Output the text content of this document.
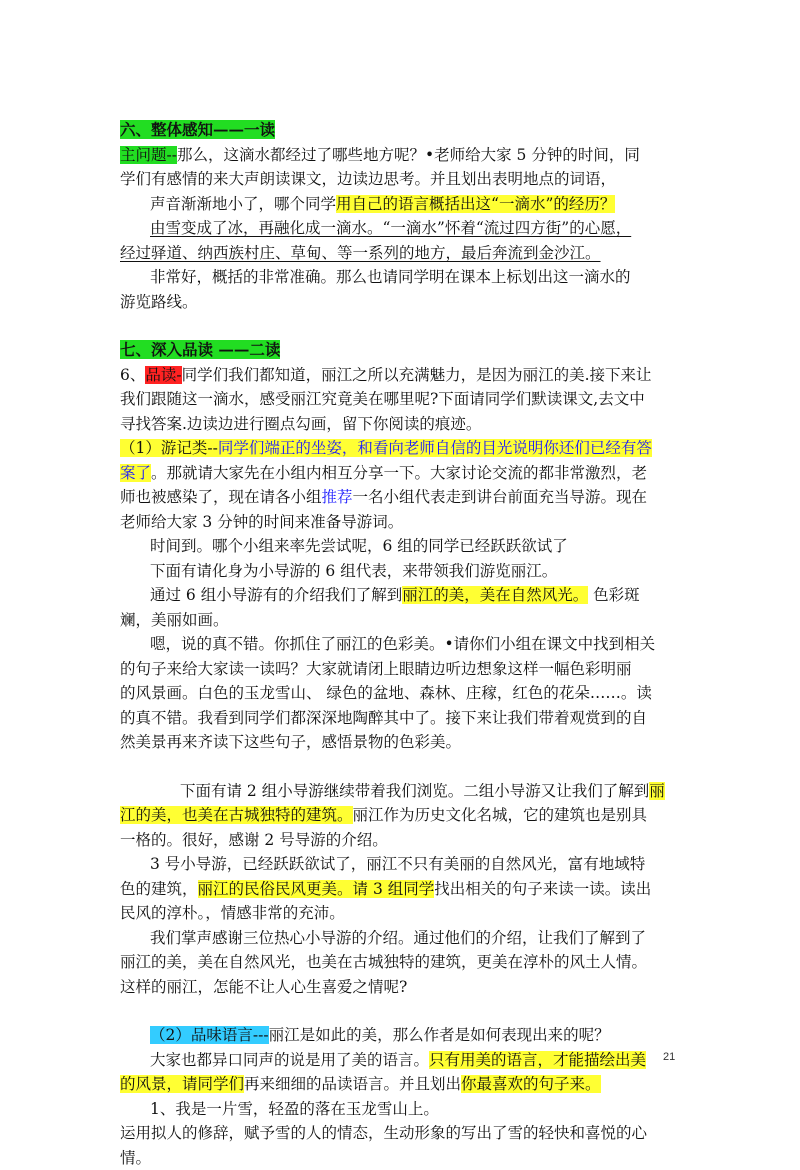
六、整体感知——一读
主问题--那么，这滴水都经过了哪些地方呢？•老师给大家 5 分钟的时间，同
学们有感情的来大声朗读课文，边读边思考。并且划出表明地点的词语，
声音渐渐地小了，哪个同学用自己的语言概括出这“一滴水”的经历？
由雪变成了冰，再融化成一滴水。“一滴水”怀着“流过四方街”的心愿，
经过驿道、纳西族村庄、草甸、等一系列的地方，最后奔流到金沙江。
非常好，概括的非常准确。那么也请同学明在课本上标划出这一滴水的
游览路线。
七、深入品读 ——二读
6、品读-同学们我们都知道，丽江之所以充满魅力，是因为丽江的美.接下来让
我们跟随这一滴水，感受丽江究竟美在哪里呢?下面请同学们默读课文,去文中
寻找答案.边读边进行圈点勾画，留下你阅读的痕迹。
（1）游记类--同学们端正的坐姿，和看向老师自信的目光说明你还们已经有答
案了。那就请大家先在小组内相互分享一下。大家讨论交流的都非常激烈，老
师也被感染了，现在请各小组推荐一名小组代表走到讲台前面充当导游。现在
老师给大家 3 分钟的时间来准备导游词。
时间到。哪个小组来率先尝试呢，6 组的同学已经跃跃欲试了
下面有请化身为小导游的 6 组代表，来带领我们游览丽江。
通过 6 组小导游有的介绍我们了解到丽江的美，美在自然风光。 色彩斑
斓，美丽如画。
嗯，说的真不错。你抓住了丽江的色彩美。•请你们小组在课文中找到相关
的句子来给大家读一读吗？大家就请闭上眼睛边听边想象这样一幅色彩明丽
的风景画。白色的玉龙雪山、 绿色的盆地、森林、庄稼，红色的花朵……。读
的真不错。我看到同学们都深深地陶醉其中了。接下来让我们带着观赏到的自
然美景再来齐读下这些句子，感悟景物的色彩美。
下面有请 2 组小导游继续带着我们浏览。二组小导游又让我们了解到丽
江的美，也美在古城独特的建筑。丽江作为历史文化名城，它的建筑也是别具
一格的。很好，感谢 2 号导游的介绍。
3 号小导游，已经跃跃欲试了，丽江不只有美丽的自然风光，富有地域特
色的建筑，丽江的民俗民风更美。请 3 组同学找出相关的句子来读一读。读出
民风的淳朴。，情感非常的充沛。
我们掌声感谢三位热心小导游的介绍。通过他们的介绍，让我们了解到了
丽江的美，美在自然风光，也美在古城独特的建筑，更美在淳朴的风土人情。
这样的丽江，怎能不让人心生喜爱之情呢?
（2）品味语言---丽江是如此的美，那么作者是如何表现出来的呢？
大家也都异口同声的说是用了美的语言。只有用美的语言，才能描绘出美
的风景，请同学们再来细细的品读语言。并且划出你最喜欢的句子来。
1、我是一片雪，轻盈的落在玉龙雪山上。
运用拟人的修辞，赋予雪的人的情态，生动形象的写出了雪的轻快和喜悦的心
情。
21
